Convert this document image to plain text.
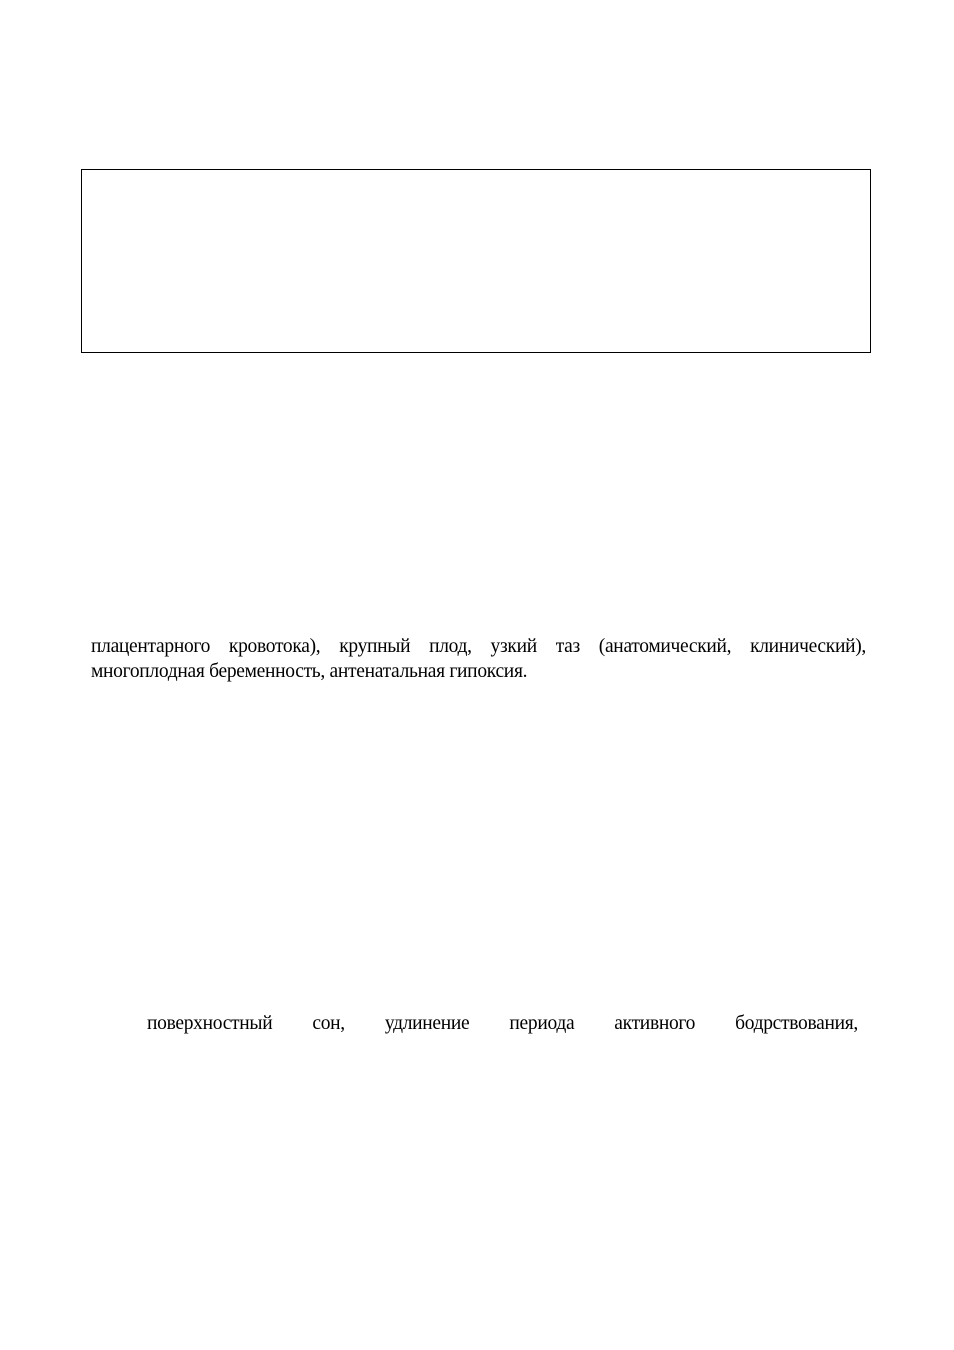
плацентарного кровотока), крупный плод, узкий таз (анатомический, клинический),
многоплодная беременность, антенатальная гипоксия.
поверхностный сон, удлинение периода активного бодрствования,
